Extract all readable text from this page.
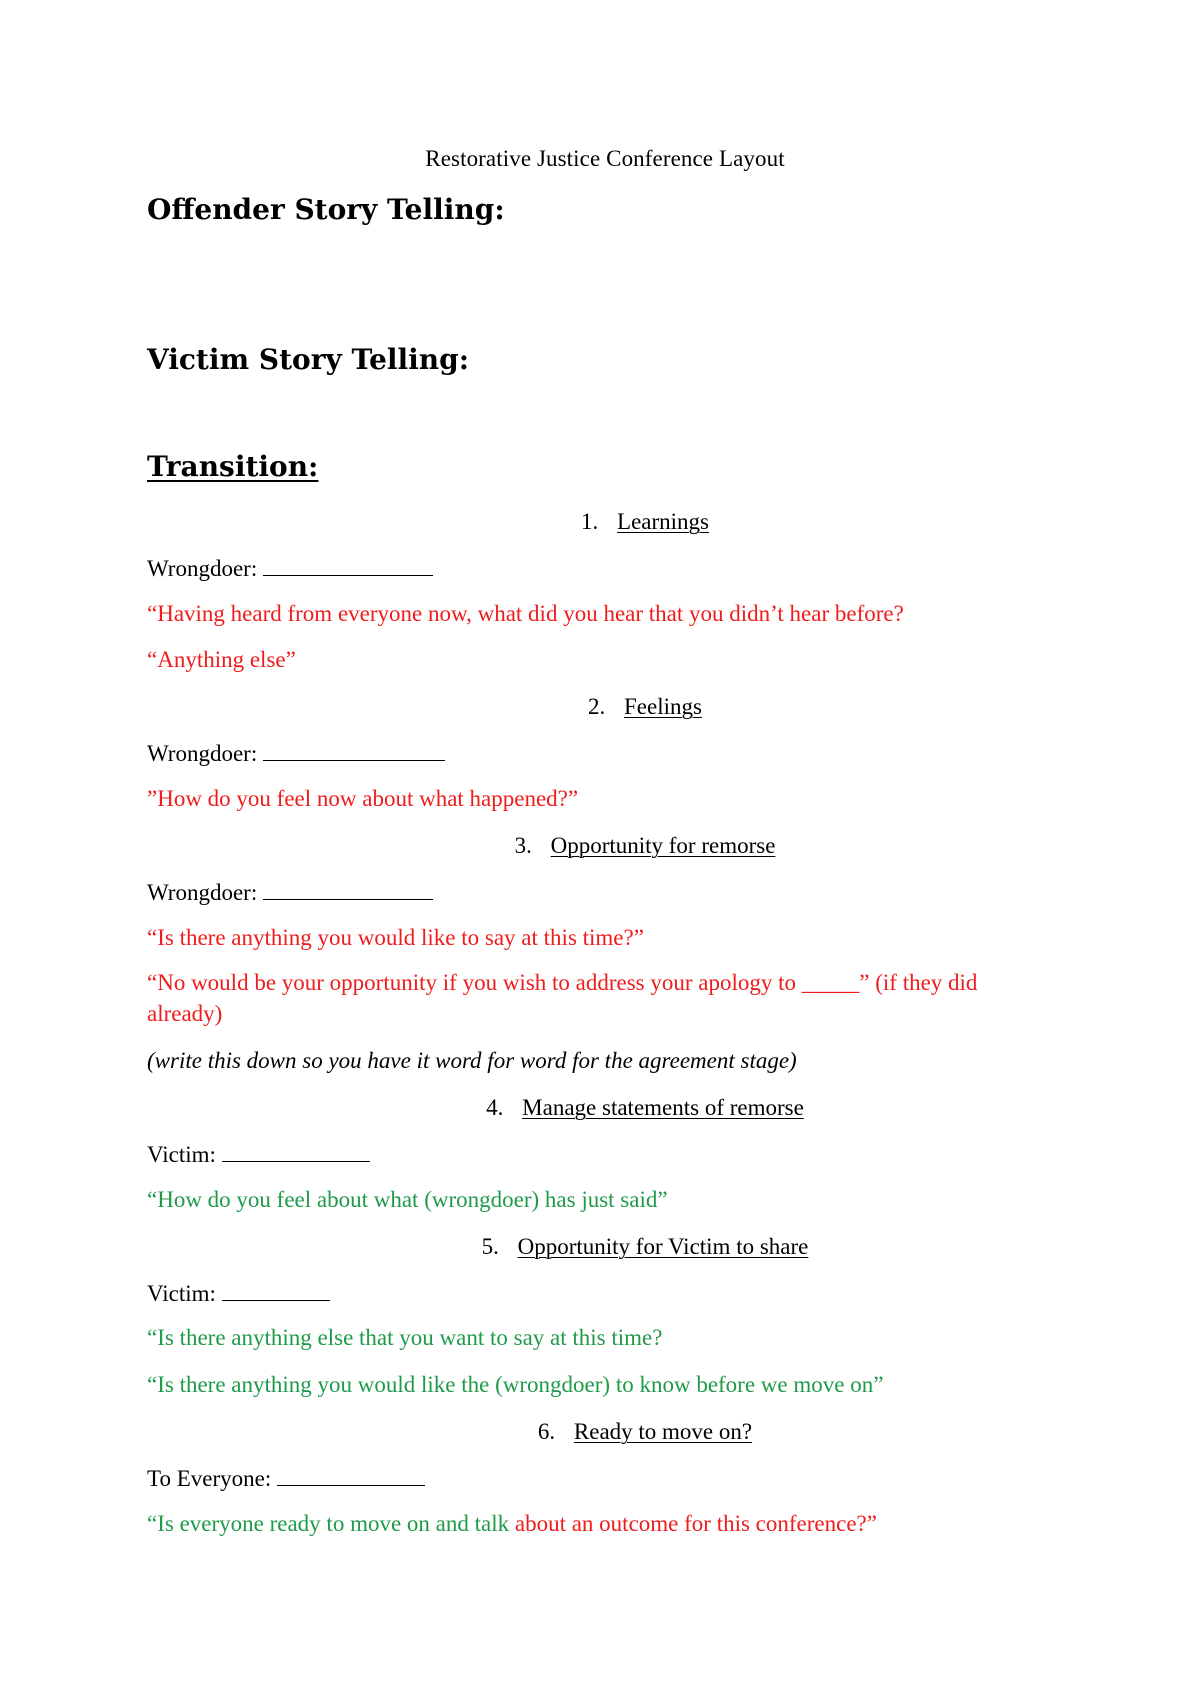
Restorative Justice Conference Layout
Offender Story Telling:
Victim Story Telling:
Transition:
1. Learnings
Wrongdoer:
“Having heard from everyone now, what did you hear that you didn’t hear before?
“Anything else”
2. Feelings
Wrongdoer:
”How do you feel now about what happened?”
3. Opportunity for remorse
Wrongdoer:
“Is there anything you would like to say at this time?”
“No would be your opportunity if you wish to address your apology to _____” (if they did already)
(write this down so you have it word for word for the agreement stage)
4. Manage statements of remorse
Victim:
“How do you feel about what (wrongdoer) has just said”
5. Opportunity for Victim to share
Victim:
“Is there anything else that you want to say at this time?
“Is there anything you would like the (wrongdoer) to know before we move on”
6. Ready to move on?
To Everyone:
“Is everyone ready to move on and talk about an outcome for this conference?”
